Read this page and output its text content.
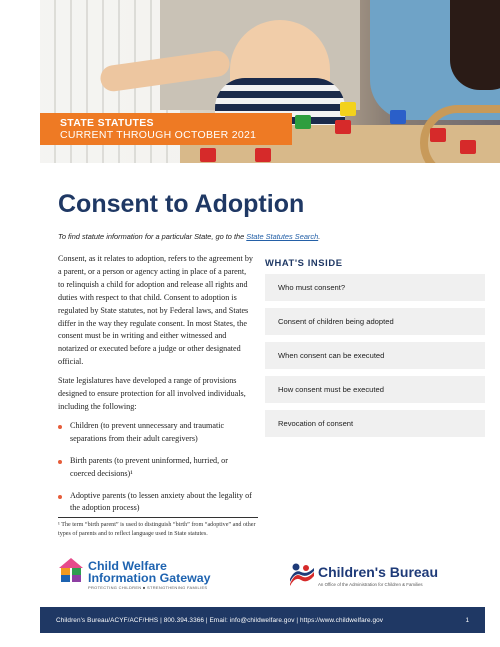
STATE STATUTES
CURRENT THROUGH OCTOBER 2021
Consent to Adoption
To find statute information for a particular State, go to the State Statutes Search.

Consent, as it relates to adoption, refers to the agreement by a parent, or a person or agency acting in place of a parent, to relinquish a child for adoption and release all rights and duties with respect to that child. Consent to adoption is regulated by State statutes, not by Federal laws, and States differ in the way they regulate consent. In most States, the consent must be in writing and either witnessed and notarized or executed before a judge or other designated official.

State legislatures have developed a range of provisions designed to ensure protection for all involved individuals, including the following:

Children (to prevent unnecessary and traumatic separations from their adult caregivers)
Birth parents (to prevent uninformed, hurried, or coerced decisions)¹
Adoptive parents (to lessen anxiety about the legality of the adoption process)
¹ The term “birth parent” is used to distinguish “birth” from “adoptive” and other types of parents and to reflect language used in State statutes.
WHAT'S INSIDE
Who must consent?
Consent of children being adopted
When consent can be executed
How consent must be executed
Revocation of consent
Child Welfare
Information Gateway
PROTECTING CHILDREN ■ STRENGTHENING FAMILIES
Children's Bureau
An Office of the Administration for Children & Families
Children's Bureau/ACYF/ACF/HHS | 800.394.3366 | Email: info@childwelfare.gov | https://www.childwelfare.gov	1
